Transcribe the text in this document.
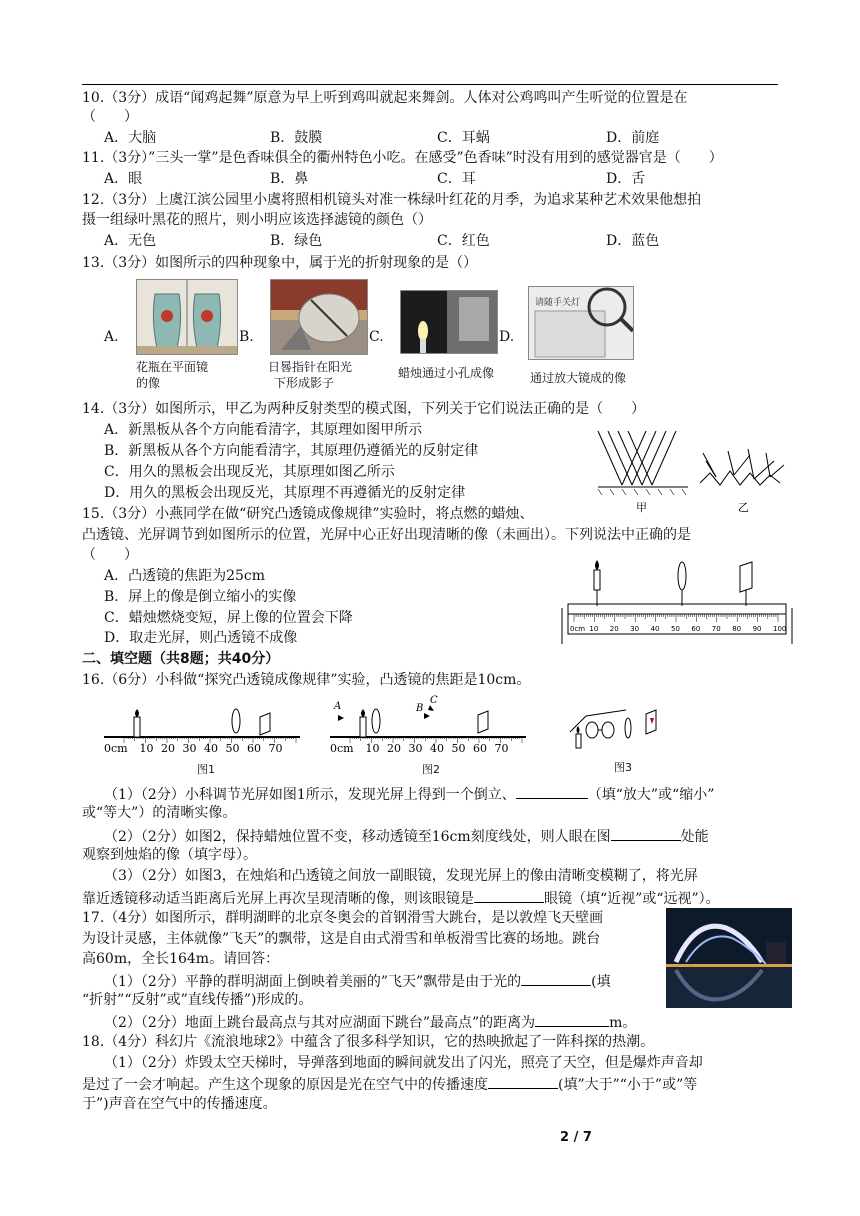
10.（3分）成语“闻鸡起舞”原意为早上听到鸡叫就起来舞剑。人体对公鸡鸣叫产生听觉的位置是在
（　　）
A．大脑	B．鼓膜	C．耳蜗	D．前庭
11.（3分）”三头一掌”是色香味俱全的衢州特色小吃。在感受”色香味”时没有用到的感觉器官是（　　）
A．眼	B．鼻	C．耳	D．舌
12.（3分）上虞江滨公园里小虞将照相机镜头对准一株绿叶红花的月季，为追求某种艺术效果他想拍
摄一组绿叶黑花的照片，则小明应该选择滤镜的颜色（）
A．无色	B．绿色	C．红色	D．蓝色
13.（3分）如图所示的四种现象中，属于光的折射现象的是（）
A.
花瓶在平面镜
的像
B.
日晷指针在阳光
下形成影子
C.
蜡烛通过小孔成像
D.
请随手关灯
通过放大镜成的像
14.（3分）如图所示，甲乙为两种反射类型的模式图，下列关于它们说法正确的是（　　）
A．新黑板从各个方向能看清字，其原理如图甲所示
B．新黑板从各个方向能看清字，其原理仍遵循光的反射定律
C．用久的黑板会出现反光，其原理如图乙所示
D．用久的黑板会出现反光，其原理不再遵循光的反射定律
甲	乙
15.（3分）小燕同学在做“研究凸透镜成像规律”实验时，将点燃的蜡烛、
凸透镜、光屏调节到如图所示的位置，光屏中心正好出现清晰的像（未画出）。下列说法中正确的是
（　　）
A．凸透镜的焦距为25cm
B．屏上的像是倒立缩小的实像
C．蜡烛燃烧变短，屏上像的位置会下降
D．取走光屏，则凸透镜不成像
0cm 10 20 30 40 50 60 70 80 90 100
二、填空题（共8题；共40分）
16.（6分）小科做“探究凸透镜成像规律”实验，凸透镜的焦距是10cm。
0cm 10 20 30 40 50 60 70	0cm 10 20 30 40 50 60 70
A	B
C
图1	图2	图3
（1）（2分）小科调节光屏如图1所示，发现光屏上得到一个倒立、	（填“放大”或“缩小”
或“等大”）的清晰实像。
（2）（2分）如图2，保持蜡烛位置不变，移动透镜至16cm刻度线处，则人眼在图	处能
观察到烛焰的像（填字母）。
（3）（2分）如图3，在烛焰和凸透镜之间放一副眼镜，发现光屏上的像由清晰变模糊了，将光屏
靠近透镜移动适当距离后光屏上再次呈现清晰的像，则该眼镜是	眼镜（填“近视”或“远视”）。
17.（4分）如图所示，群明湖畔的北京冬奥会的首钢滑雪大跳台，是以敦煌飞天壁画
为设计灵感，主体就像”飞天”的飘带，这是自由式滑雪和单板滑雪比赛的场地。跳台
高60m，全长164m。请回答：
（1）（2分）平静的群明湖面上倒映着美丽的”飞天”飘带是由于光的	(填
“折射”“反射”或”直线传播”)形成的。
（2）（2分）地面上跳台最高点与其对应湖面下跳台”最高点”的距离为	m。
18.（4分）科幻片《流浪地球2》中蕴含了很多科学知识，它的热映掀起了一阵科探的热潮。
（1）（2分）炸毁太空天梯时，导弹落到地面的瞬间就发出了闪光，照亮了天空，但是爆炸声音却
是过了一会才响起。产生这个现象的原因是光在空气中的传播速度	(填”大于”“小于”或”等
于”)声音在空气中的传播速度。
2 / 7
